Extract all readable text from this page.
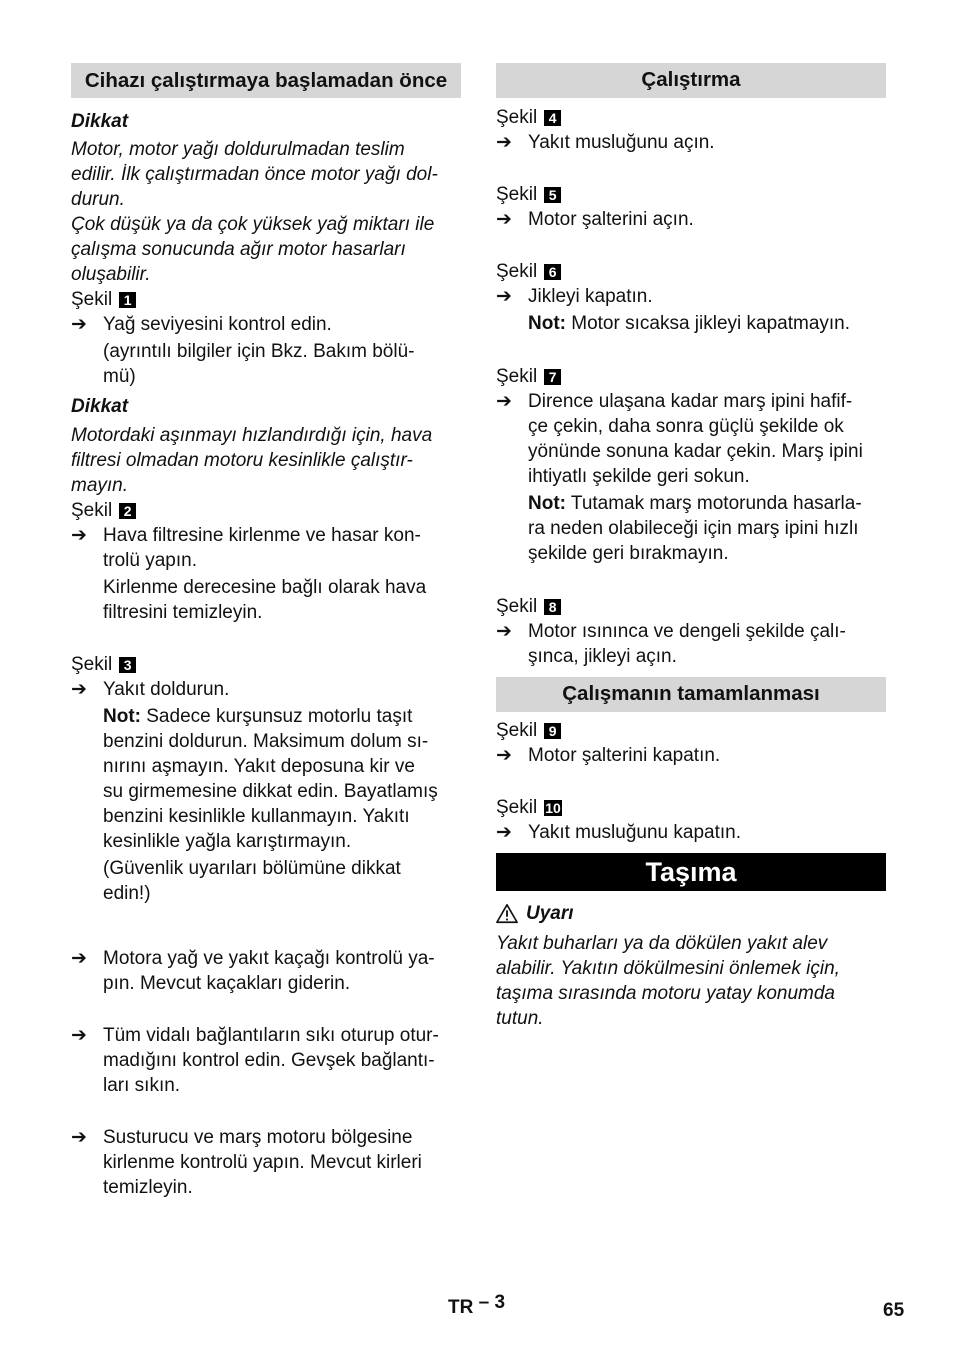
Cihazı çalıştırmaya başlamadan önce
Dikkat
Motor, motor yağı doldurulmadan teslim
edilir. İlk çalıştırmadan önce motor yağı dol-
durun.
Çok düşük ya da çok yüksek yağ miktarı ile
çalışma sonucunda ağır motor hasarları
oluşabilir.
Şekil 1
➔ Yağ seviyesini kontrol edin.
(ayrıntılı bilgiler için Bkz. Bakım bölü-
mü)
Dikkat
Motordaki aşınmayı hızlandırdığı için, hava
filtresi olmadan motoru kesinlikle çalıştır-
mayın.
Şekil 2
➔ Hava filtresine kirlenme ve hasar kon-
trolü yapın.
Kirlenme derecesine bağlı olarak hava
filtresini temizleyin.
Şekil 3
➔ Yakıt doldurun.
Not: Sadece kurşunsuz motorlu taşıt
benzini doldurun. Maksimum dolum sı-
nırını aşmayın. Yakıt deposuna kir ve
su girmemesine dikkat edin. Bayatlamış
benzini kesinlikle kullanmayın. Yakıtı
kesinlikle yağla karıştırmayın.
(Güvenlik uyarıları bölümüne dikkat
edin!)
➔ Motora yağ ve yakıt kaçağı kontrolü ya-
pın. Mevcut kaçakları giderin.
➔ Tüm vidalı bağlantıların sıkı oturup otur-
madığını kontrol edin. Gevşek bağlantı-
ları sıkın.
➔ Susturucu ve marş motoru bölgesine
kirlenme kontrolü yapın. Mevcut kirleri
temizleyin.
Çalıştırma
Şekil 4
➔ Yakıt musluğunu açın.
Şekil 5
➔ Motor şalterini açın.
Şekil 6
➔ Jikleyi kapatın.
Not: Motor sıcaksa jikleyi kapatmayın.
Şekil 7
➔ Dirence ulaşana kadar marş ipini hafif-
çe çekin, daha sonra güçlü şekilde ok
yönünde sonuna kadar çekin. Marş ipini
ihtiyatlı şekilde geri sokun.
Not: Tutamak marş motorunda hasarla-
ra neden olabileceği için marş ipini hızlı
şekilde geri bırakmayın.
Şekil 8
➔ Motor ısınınca ve dengeli şekilde çalı-
şınca, jikleyi açın.
Çalışmanın tamamlanması
Şekil 9
➔ Motor şalterini kapatın.
Şekil 10
➔ Yakıt musluğunu kapatın.
Taşıma
Uyarı
Yakıt buharları ya da dökülen yakıt alev
alabilir. Yakıtın dökülmesini önlemek için,
taşıma sırasında motoru yatay konumda
tutun.
TR – 3	65
